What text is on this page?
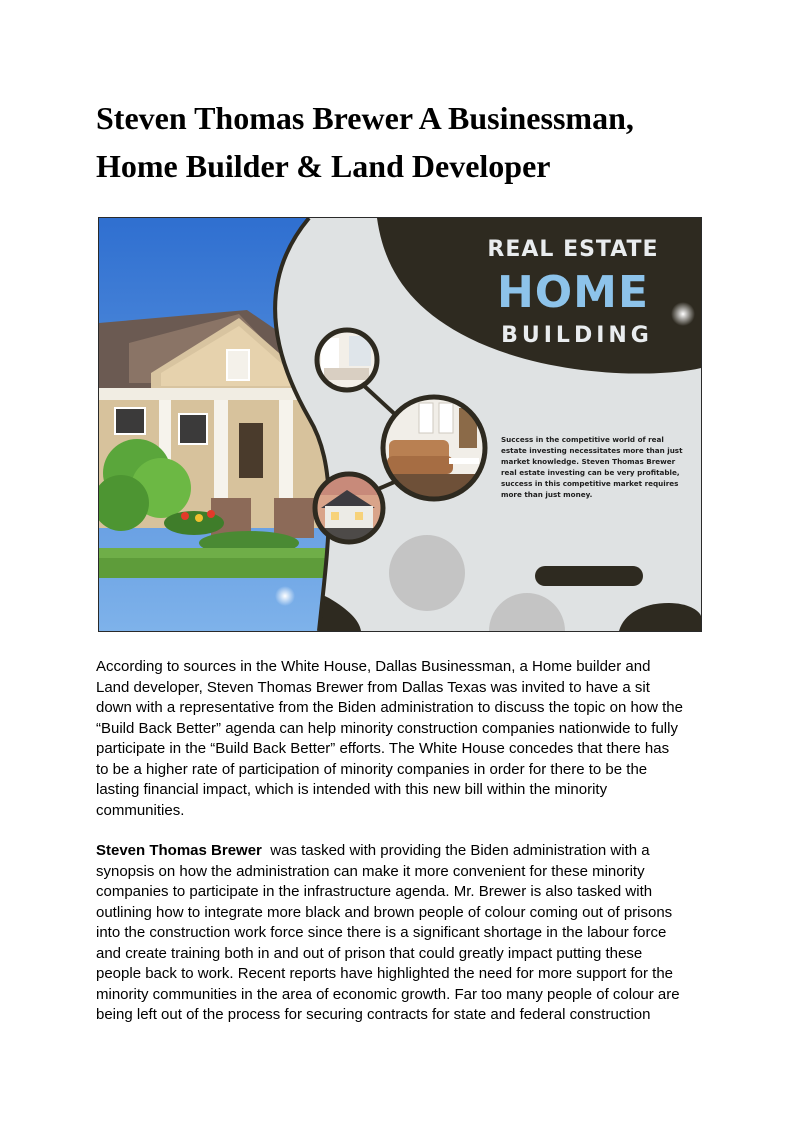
Steven Thomas Brewer A Businessman,
Home Builder & Land Developer
REAL ESTATE
HOME
BUILDING
Success in the competitive world of real
estate investing necessitates more than just
market knowledge. Steven Thomas Brewer
real estate investing can be very profitable,
success in this competitive market requires
more than just money.
According to sources in the White House, Dallas Businessman, a Home builder and
Land developer, Steven Thomas Brewer from Dallas Texas was invited to have a sit
down with a representative from the Biden administration to discuss the topic on how the
“Build Back Better” agenda can help minority construction companies nationwide to fully
participate in the “Build Back Better” efforts. The White House concedes that there has
to be a higher rate of participation of minority companies in order for there to be the
lasting financial impact, which is intended with this new bill within the minority
communities.
Steven Thomas Brewer  was tasked with providing the Biden administration with a
synopsis on how the administration can make it more convenient for these minority
companies to participate in the infrastructure agenda. Mr. Brewer is also tasked with
outlining how to integrate more black and brown people of colour coming out of prisons
into the construction work force since there is a significant shortage in the labour force
and create training both in and out of prison that could greatly impact putting these
people back to work. Recent reports have highlighted the need for more support for the
minority communities in the area of economic growth. Far too many people of colour are
being left out of the process for securing contracts for state and federal construction
